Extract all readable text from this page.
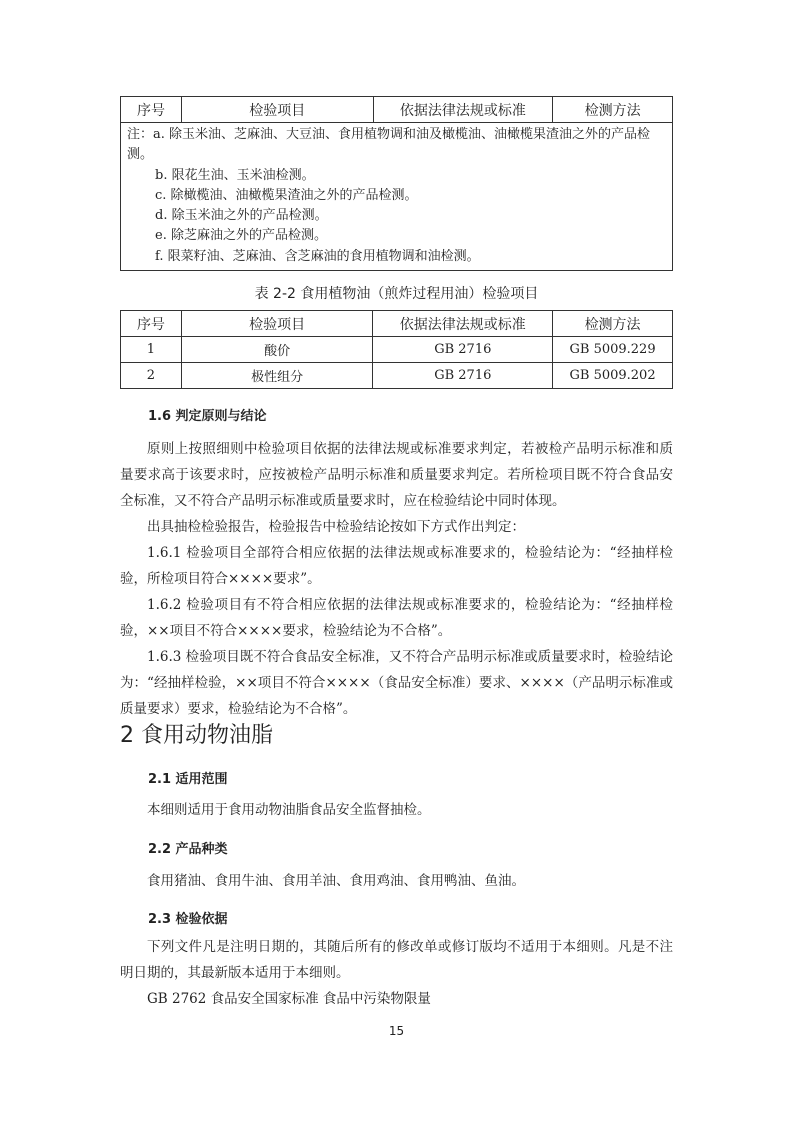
序号	检验项目	依据法律法规或标准	检测方法

注：a. 除玉米油、芝麻油、大豆油、食用植物调和油及橄榄油、油橄榄果渣油之外的产品检测。
b. 限花生油、玉米油检测。
c. 除橄榄油、油橄榄果渣油之外的产品检测。
d. 除玉米油之外的产品检测。
e. 除芝麻油之外的产品检测。
f. 限菜籽油、芝麻油、含芝麻油的食用植物调和油检测。
表 2-2 食用植物油（煎炸过程用油）检验项目
序号	检验项目	依据法律法规或标准	检测方法
1	酸价	GB 2716	GB 5009.229
2	极性组分	GB 2716	GB 5009.202
1.6 判定原则与结论

原则上按照细则中检验项目依据的法律法规或标准要求判定，若被检产品明示标准和质量要求高于该要求时，应按被检产品明示标准和质量要求判定。若所检项目既不符合食品安全标准，又不符合产品明示标准或质量要求时，应在检验结论中同时体现。

出具抽检检验报告，检验报告中检验结论按如下方式作出判定：

1.6.1 检验项目全部符合相应依据的法律法规或标准要求的，检验结论为：“经抽样检验，所检项目符合××××要求”。

1.6.2 检验项目有不符合相应依据的法律法规或标准要求的，检验结论为：“经抽样检验，××项目不符合××××要求，检验结论为不合格”。

1.6.3 检验项目既不符合食品安全标准，又不符合产品明示标准或质量要求时，检验结论为：“经抽样检验，××项目不符合××××（食品安全标准）要求、××××（产品明示标准或质量要求）要求，检验结论为不合格”。

2 食用动物油脂
2.1 适用范围

本细则适用于食用动物油脂食品安全监督抽检。

2.2 产品种类

食用猪油、食用牛油、食用羊油、食用鸡油、食用鸭油、鱼油。

2.3 检验依据

下列文件凡是注明日期的，其随后所有的修改单或修订版均不适用于本细则。凡是不注明日期的，其最新版本适用于本细则。

GB 2762 食品安全国家标准 食品中污染物限量

15
